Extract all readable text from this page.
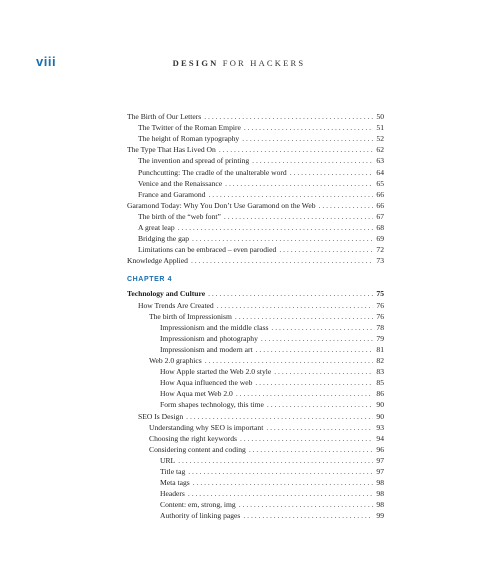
viii	DESIGN FOR HACKERS
The Birth of Our Letters . . .	50
The Twitter of the Roman Empire . . .	51
The height of Roman typography . . .	52
The Type That Has Lived On . . .	62
The invention and spread of printing . . .	63
Punchcutting: The cradle of the unalterable word . . .	64
Venice and the Renaissance . . .	65
France and Garamond . . .	66
Garamond Today: Why You Don’t Use Garamond on the Web . . .	66
The birth of the “web font” . . .	67
A great leap . . .	68
Bridging the gap . . .	69
Limitations can be embraced – even parodied . . .	72
Knowledge Applied . . .	73
CHAPTER 4
Technology and Culture . . .	75
How Trends Are Created . . .	76
The birth of Impressionism . . .	76
Impressionism and the middle class . . .	78
Impressionism and photography . . .	79
Impressionism and modern art . . .	81
Web 2.0 graphics . . .	82
How Apple started the Web 2.0 style . . .	83
How Aqua influenced the web . . .	85
How Aqua met Web 2.0 . . .	86
Form shapes technology, this time . . .	90
SEO Is Design . . .	90
Understanding why SEO is important . . .	93
Choosing the right keywords . . .	94
Considering content and coding . . .	96
URL . . .	97
Title tag . . .	97
Meta tags . . .	98
Headers . . .	98
Content: em, strong, img . . .	98
Authority of linking pages . . .	99
